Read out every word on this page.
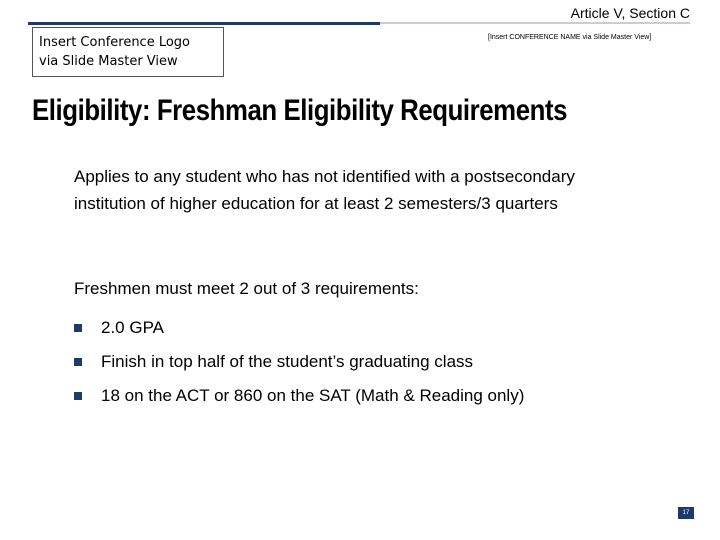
Article V, Section C
Insert Conference Logo
via Slide Master View
[Insert CONFERENCE NAME via Slide Master View]
Eligibility: Freshman Eligibility Requirements

Applies to any student who has not identified with a postsecondary institution of higher education for at least 2 semesters/3 quarters

Freshmen must meet 2 out of 3 requirements:

2.0 GPA
Finish in top half of the student’s graduating class
18 on the ACT or 860 on the SAT (Math & Reading only)
17
